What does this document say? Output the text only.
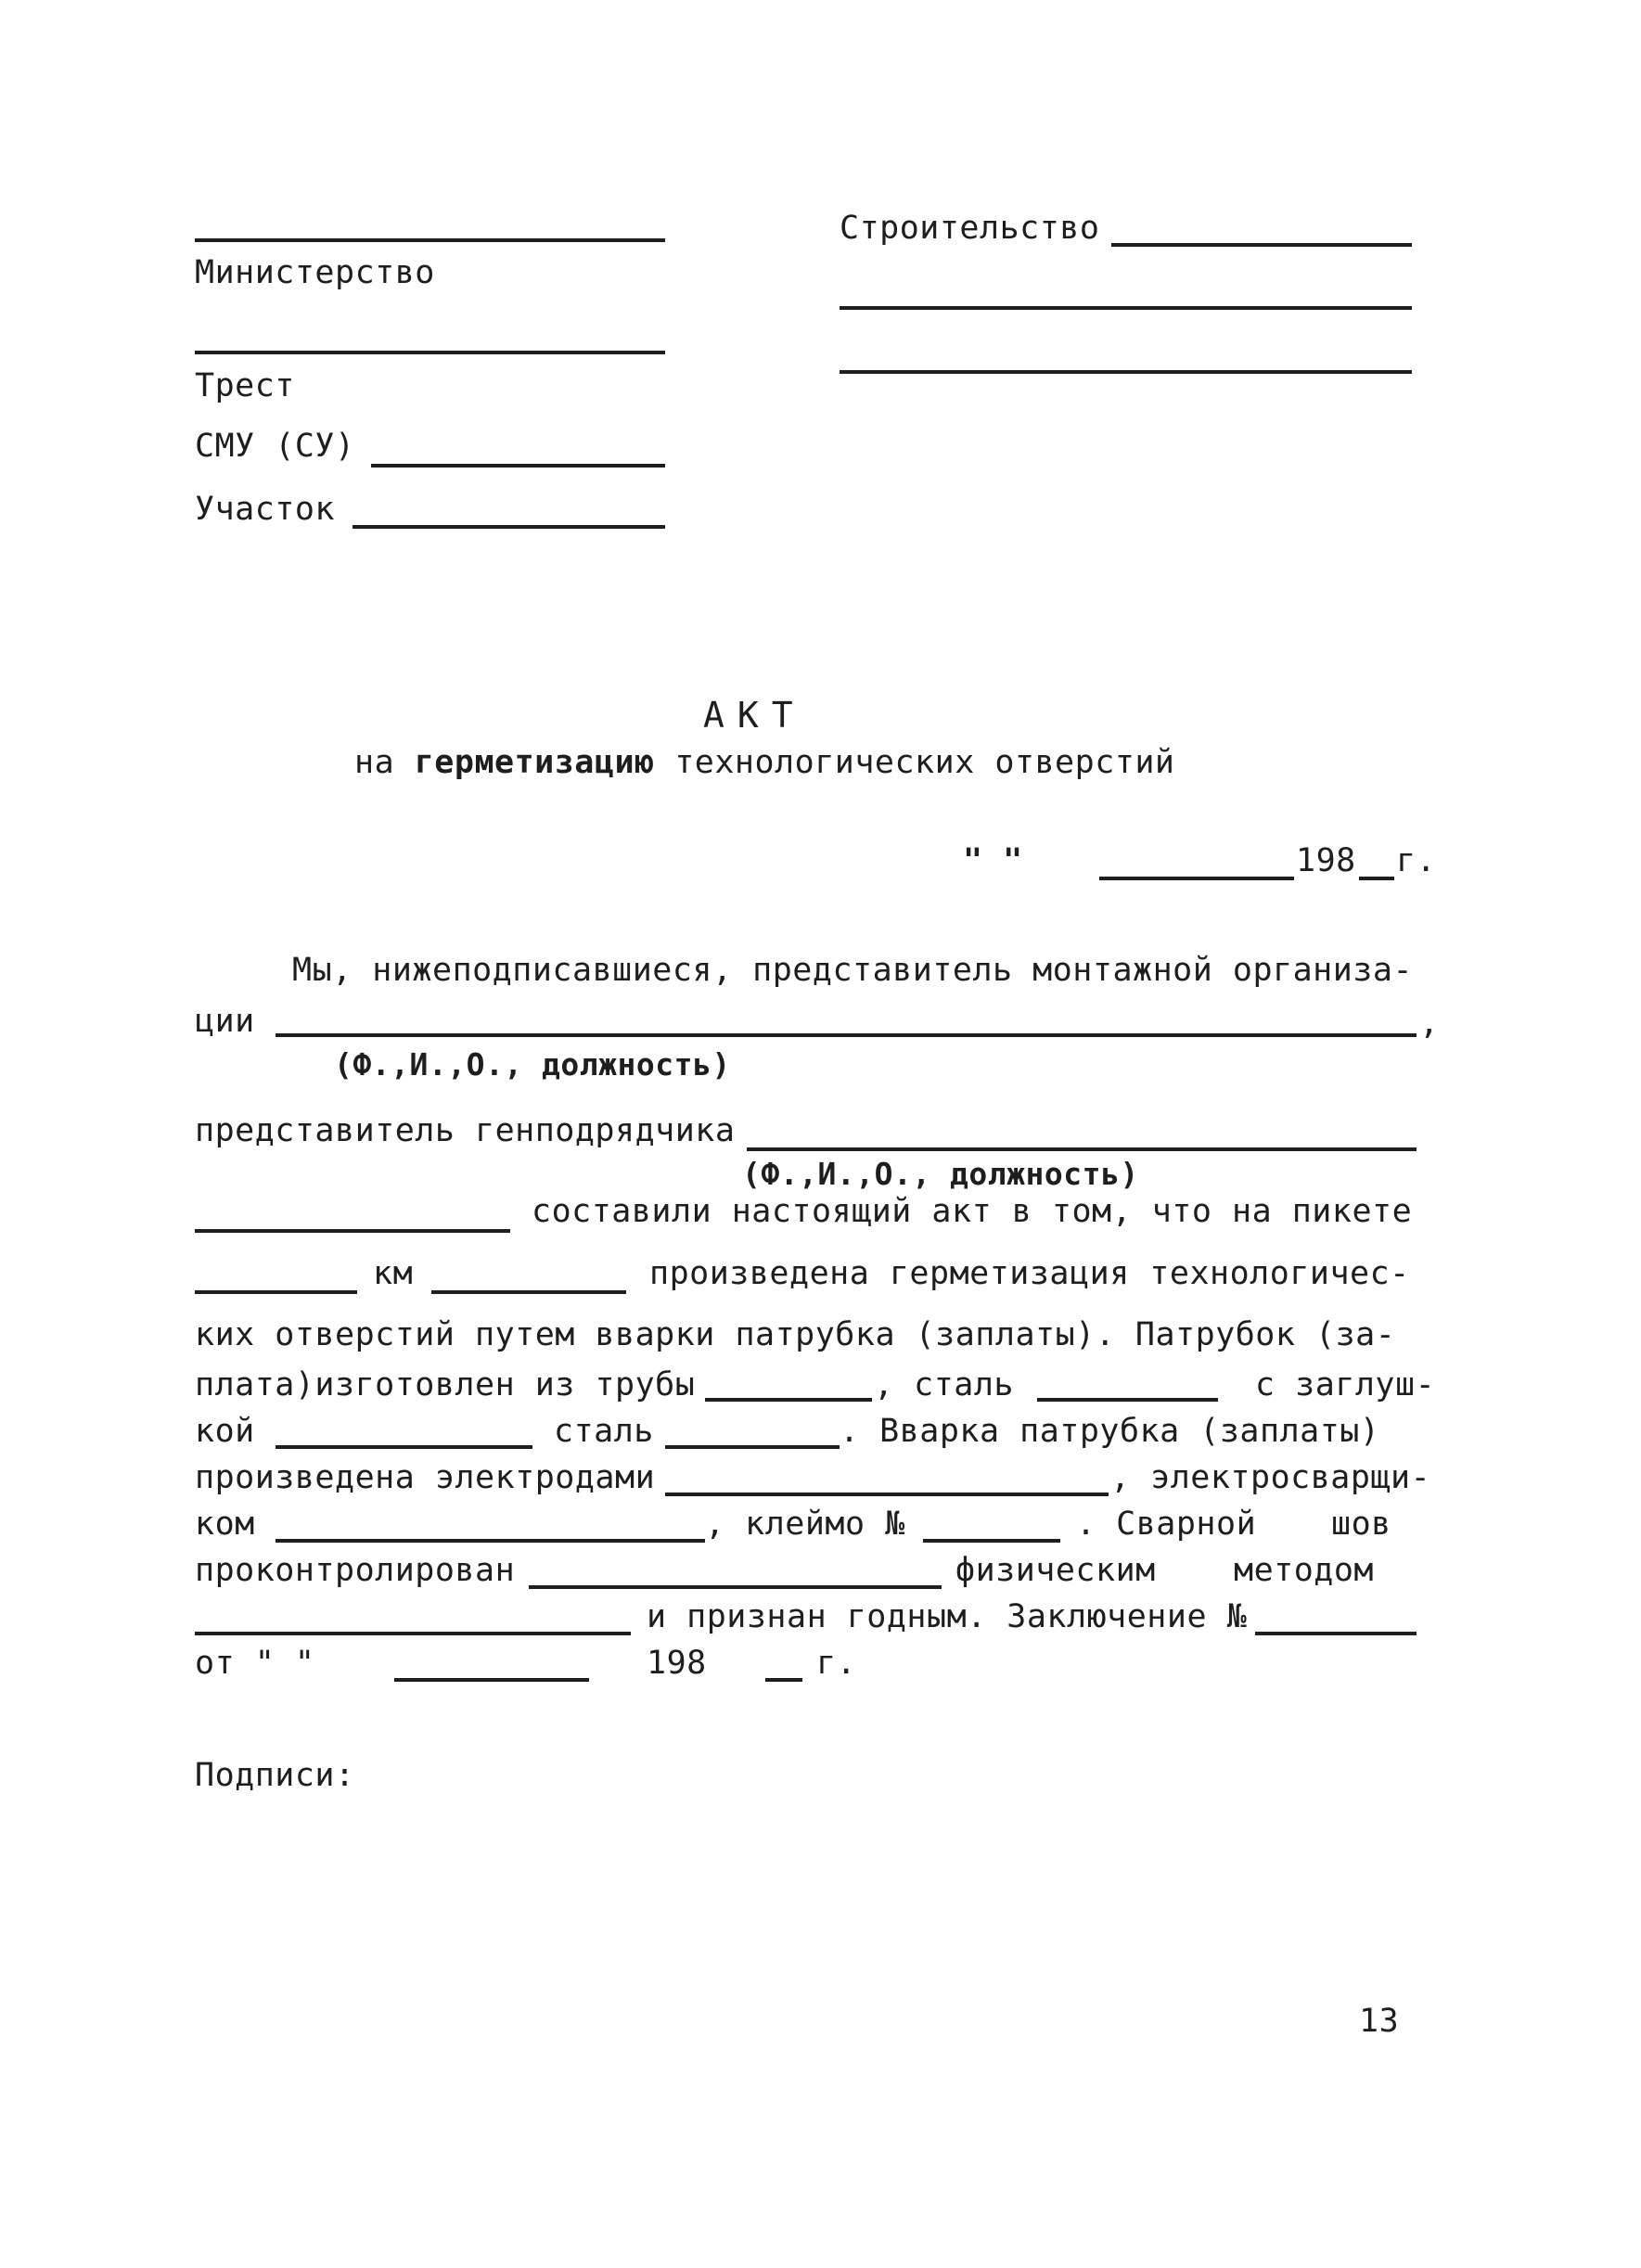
Министерство
Трест
СМУ (СУ)
Участок
Строительство
АКТ
на герметизацию технологических отверстий
" "	198 г.
Мы, нижеподписавшиеся, представитель монтажной организа-
ции	,
(Ф.,И.,О., должность)
представитель генподрядчика
(Ф.,И.,О., должность)
составили настоящий акт в том, что на пикете
км	произведена герметизация технологичес-
ких отверстий путем вварки патрубка (заплаты). Патрубок (за-
плата)изготовлен из трубы	, сталь	с заглуш-
кой	сталь	. Вварка патрубка (заплаты)
произведена электродами	, электросварщи-
ком	, клеймо №	. Сварной шов
проконтролирован	физическим методом
и признан годным. Заключение №
от " "	198	г.
Подписи:
13
